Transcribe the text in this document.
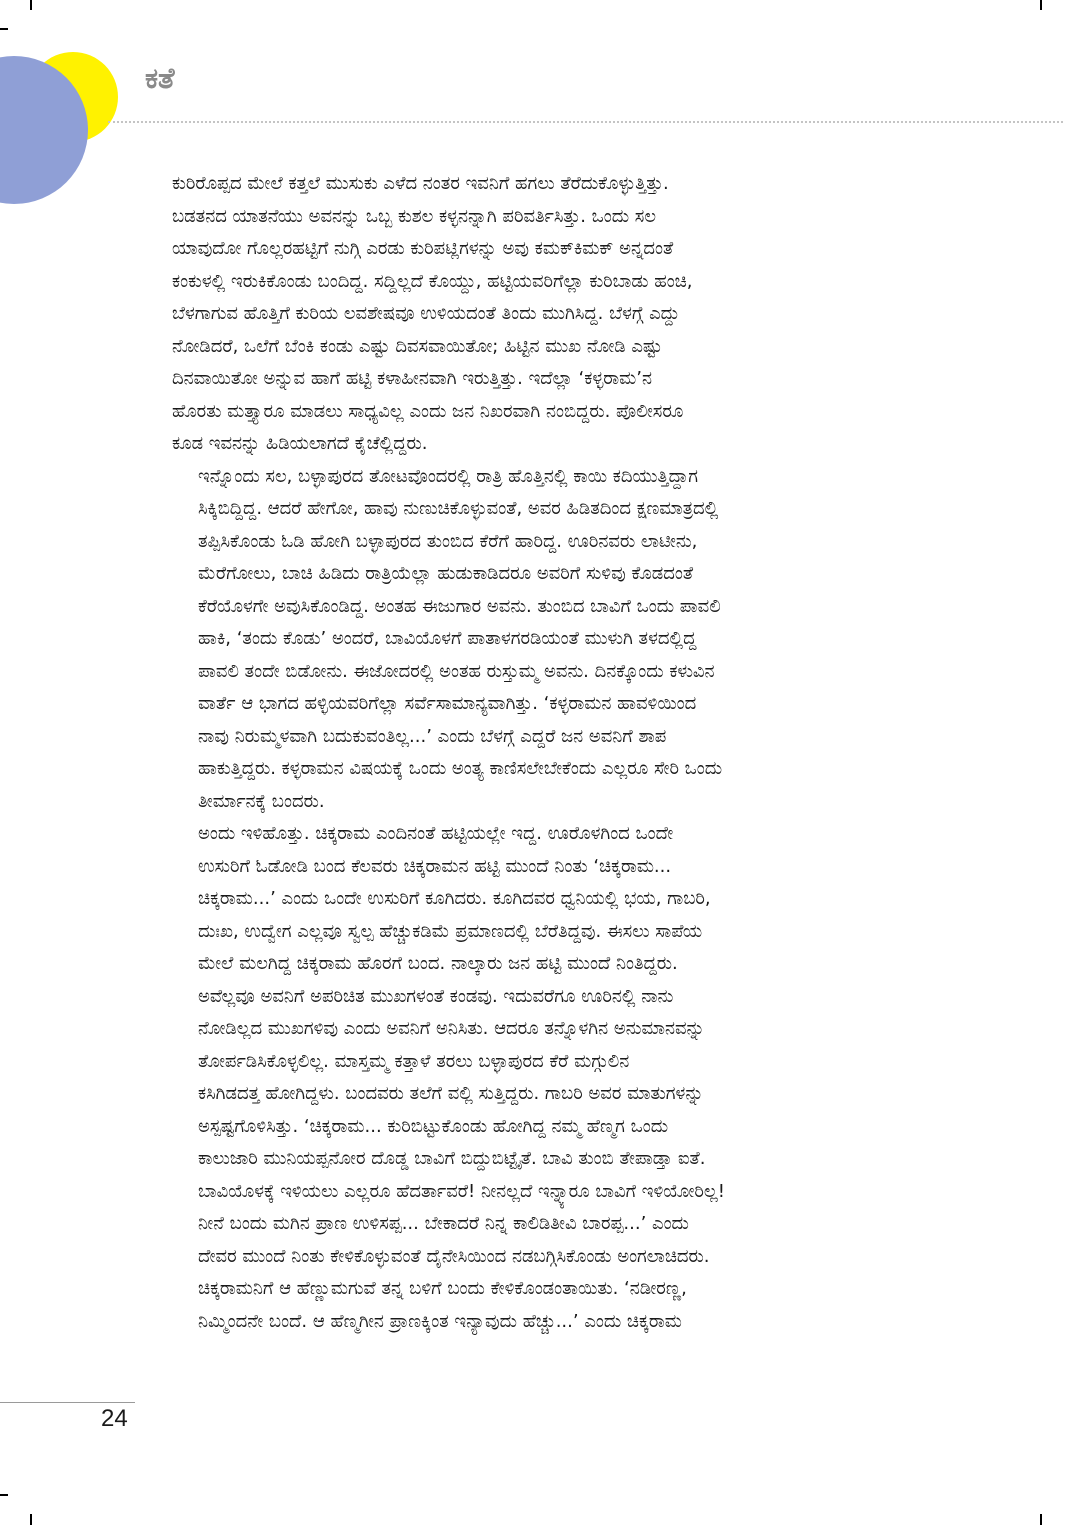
ಕತೆ

ಕುರಿರೊಪ್ಪದ ಮೇಲೆ ಕತ್ತಲೆ ಮುಸುಕು ಎಳೆದ ನಂತರ ಇವನಿಗೆ ಹಗಲು ತೆರೆದುಕೊಳ್ಳುತ್ತಿತ್ತು.
ಬಡತನದ ಯಾತನೆಯು ಅವನನ್ನು ಒಬ್ಬ ಕುಶಲ ಕಳ್ಳನನ್ನಾಗಿ ಪರಿವರ್ತಿಸಿತ್ತು. ಒಂದು ಸಲ
ಯಾವುದೋ ಗೊಲ್ಲರಹಟ್ಟಿಗೆ ನುಗ್ಗಿ ಎರಡು ಕುರಿಪಟ್ಲಿಗಳನ್ನು ಅವು ಕಮಕ್‌ಕಿಮಕ್ ಅನ್ನದಂತೆ
ಕಂಕುಳಲ್ಲಿ ಇರುಕಿಕೊಂಡು ಬಂದಿದ್ದ. ಸದ್ದಿಲ್ಲದೆ ಕೊಯ್ದು, ಹಟ್ಟಿಯವರಿಗೆಲ್ಲಾ ಕುರಿಬಾಡು ಹಂಚಿ,
ಬೆಳಗಾಗುವ ಹೊತ್ತಿಗೆ ಕುರಿಯ ಲವಶೇಷವೂ ಉಳಿಯದಂತೆ ತಿಂದು ಮುಗಿಸಿದ್ದ. ಬೆಳಗ್ಗೆ ಎದ್ದು
ನೋಡಿದರೆ, ಒಲೆಗೆ ಬೆಂಕಿ ಕಂಡು ಎಷ್ಟು ದಿವಸವಾಯಿತೋ; ಹಿಟ್ಟಿನ ಮುಖ ನೋಡಿ ಎಷ್ಟು
ದಿನವಾಯಿತೋ ಅನ್ನುವ ಹಾಗೆ ಹಟ್ಟಿ ಕಳಾಹೀನವಾಗಿ ಇರುತ್ತಿತ್ತು. ಇದೆಲ್ಲಾ ‘ಕಳ್ಳರಾಮ’ನ
ಹೊರತು ಮತ್ತ್ಯಾರೂ ಮಾಡಲು ಸಾಧ್ಯವಿಲ್ಲ ಎಂದು ಜನ ನಿಖರವಾಗಿ ನಂಬಿದ್ದರು. ಪೊಲೀಸರೂ
ಕೂಡ ಇವನನ್ನು ಹಿಡಿಯಲಾಗದೆ ಕೈಚೆಲ್ಲಿದ್ದರು.

ಇನ್ನೊಂದು ಸಲ, ಬಳ್ಳಾಪುರದ ತೋಟವೊಂದರಲ್ಲಿ ರಾತ್ರಿ ಹೊತ್ತಿನಲ್ಲಿ ಕಾಯಿ ಕದಿಯುತ್ತಿದ್ದಾಗ
ಸಿಕ್ಕಿಬಿದ್ದಿದ್ದ. ಆದರೆ ಹೇಗೋ, ಹಾವು ನುಣುಚಿಕೊಳ್ಳುವಂತೆ, ಅವರ ಹಿಡಿತದಿಂದ ಕ್ಷಣಮಾತ್ರದಲ್ಲಿ
ತಪ್ಪಿಸಿಕೊಂಡು ಓಡಿ ಹೋಗಿ ಬಳ್ಳಾಪುರದ ತುಂಬಿದ ಕೆರೆಗೆ ಹಾರಿದ್ದ. ಊರಿನವರು ಲಾಟೀನು,
ಮೆರೆಗೋಲು, ಬಾಚಿ ಹಿಡಿದು ರಾತ್ರಿಯೆಲ್ಲಾ ಹುಡುಕಾಡಿದರೂ ಅವರಿಗೆ ಸುಳಿವು ಕೊಡದಂತೆ
ಕೆರೆಯೊಳಗೇ ಅವುಸಿಕೊಂಡಿದ್ದ. ಅಂತಹ ಈಜುಗಾರ ಅವನು. ತುಂಬಿದ ಬಾವಿಗೆ ಒಂದು ಪಾವಲಿ
ಹಾಕಿ, ‘ತಂದು ಕೊಡು’ ಅಂದರೆ, ಬಾವಿಯೊಳಗೆ ಪಾತಾಳಗರಡಿಯಂತೆ ಮುಳುಗಿ ತಳದಲ್ಲಿದ್ದ
ಪಾವಲಿ ತಂದೇ ಬಿಡೋನು. ಈಜೋದರಲ್ಲಿ ಅಂತಹ ರುಸ್ತುಮ್ಮ ಅವನು. ದಿನಕ್ಕೊಂದು ಕಳುವಿನ
ವಾರ್ತೆ ಆ ಭಾಗದ ಹಳ್ಳಿಯವರಿಗೆಲ್ಲಾ ಸರ್ವೆಸಾಮಾನ್ಯವಾಗಿತ್ತು. ‘ಕಳ್ಳರಾಮನ ಹಾವಳಿಯಿಂದ
ನಾವು ನಿರುಮ್ಮಳವಾಗಿ ಬದುಕುವಂತಿಲ್ಲ...’ ಎಂದು ಬೆಳಗ್ಗೆ ಎದ್ದರೆ ಜನ ಅವನಿಗೆ ಶಾಪ
ಹಾಕುತ್ತಿದ್ದರು. ಕಳ್ಳರಾಮನ ವಿಷಯಕ್ಕೆ ಒಂದು ಅಂತ್ಯ ಕಾಣಿಸಲೇಬೇಕೆಂದು ಎಲ್ಲರೂ ಸೇರಿ ಒಂದು
ತೀರ್ಮಾನಕ್ಕೆ ಬಂದರು.

ಅಂದು ಇಳಿಹೊತ್ತು. ಚಿಕ್ಕರಾಮ ಎಂದಿನಂತೆ ಹಟ್ಟಿಯಲ್ಲೇ ಇದ್ದ. ಊರೊಳಗಿಂದ ಒಂದೇ
ಉಸುರಿಗೆ ಓಡೋಡಿ ಬಂದ ಕೆಲವರು ಚಿಕ್ಕರಾಮನ ಹಟ್ಟಿ ಮುಂದೆ ನಿಂತು ‘ಚಿಕ್ಕರಾಮ...
ಚಿಕ್ಕರಾಮ...’ ಎಂದು ಒಂದೇ ಉಸುರಿಗೆ ಕೂಗಿದರು. ಕೂಗಿದವರ ಧ್ವನಿಯಲ್ಲಿ ಭಯ, ಗಾಬರಿ,
ದುಃಖ, ಉದ್ವೇಗ ಎಲ್ಲವೂ ಸ್ವಲ್ಪ ಹೆಚ್ಚುಕಡಿಮೆ ಪ್ರಮಾಣದಲ್ಲಿ ಬೆರೆತಿದ್ದವು. ಈಸಲು ಸಾಪೆಯ
ಮೇಲೆ ಮಲಗಿದ್ದ ಚಿಕ್ಕರಾಮ ಹೊರಗೆ ಬಂದ. ನಾಲ್ಕಾರು ಜನ ಹಟ್ಟಿ ಮುಂದೆ ನಿಂತಿದ್ದರು.
ಅವೆಲ್ಲವೂ ಅವನಿಗೆ ಅಪರಿಚಿತ ಮುಖಗಳಂತೆ ಕಂಡವು. ಇದುವರೆಗೂ ಊರಿನಲ್ಲಿ ನಾನು
ನೋಡಿಲ್ಲದ ಮುಖಗಳಿವು ಎಂದು ಅವನಿಗೆ ಅನಿಸಿತು. ಆದರೂ ತನ್ನೊಳಗಿನ ಅನುಮಾನವನ್ನು
ತೋರ್ಪಡಿಸಿಕೊಳ್ಳಲಿಲ್ಲ. ಮಾಸ್ತಮ್ಮ ಕತ್ತಾಳೆ ತರಲು ಬಳ್ಳಾಪುರದ ಕೆರೆ ಮಗ್ಗುಲಿನ
ಕಸಿಗಿಡದತ್ತ ಹೋಗಿದ್ದಳು. ಬಂದವರು ತಲೆಗೆ ವಲ್ಲಿ ಸುತ್ತಿದ್ದರು. ಗಾಬರಿ ಅವರ ಮಾತುಗಳನ್ನು
ಅಸ್ಪಷ್ಟಗೊಳಿಸಿತ್ತು. ‘ಚಿಕ್ಕರಾಮ... ಕುರಿಬಿಟ್ಟುಕೊಂಡು ಹೋಗಿದ್ದ ನಮ್ಮ ಹೆಣ್ಮಗ ಒಂದು
ಕಾಲುಜಾರಿ ಮುನಿಯಪ್ಪನೋರ ದೊಡ್ಡ ಬಾವಿಗೆ ಬಿದ್ದುಬಿಟ್ಟೈತೆ. ಬಾವಿ ತುಂಬಿ ತೇಪಾಡ್ತಾ ಐತೆ.
ಬಾವಿಯೊಳಕ್ಕೆ ಇಳಿಯಲು ಎಲ್ಲರೂ ಹೆದರ್ತಾವರೆ! ನೀನಲ್ಲದೆ ಇನ್ನ್ಯಾರೂ ಬಾವಿಗೆ ಇಳಿಯೋರಿಲ್ಲ!
ನೀನೆ ಬಂದು ಮಗಿನ ಪ್ರಾಣ ಉಳಿಸಪ್ಪ... ಬೇಕಾದರೆ ನಿನ್ನ ಕಾಲಿಡಿತೀವಿ ಬಾರಪ್ಪ...’ ಎಂದು
ದೇವರ ಮುಂದೆ ನಿಂತು ಕೇಳಿಕೊಳ್ಳುವಂತೆ ದೈನೇಸಿಯಿಂದ ನಡಬಗ್ಗಿಸಿಕೊಂಡು ಅಂಗಲಾಚಿದರು.
ಚಿಕ್ಕರಾಮನಿಗೆ ಆ ಹೆಣ್ಣುಮಗುವೆ ತನ್ನ ಬಳಿಗೆ ಬಂದು ಕೇಳಿಕೊಂಡಂತಾಯಿತು. ‘ನಡೀರಣ್ಣ,
ನಿಮ್ಮಿಂದನೇ ಬಂದೆ. ಆ ಹೆಣ್ಮಗೀನ ಪ್ರಾಣಕ್ಕಿಂತ ಇನ್ಯಾವುದು ಹೆಚ್ಚು...’ ಎಂದು ಚಿಕ್ಕರಾಮ

24
